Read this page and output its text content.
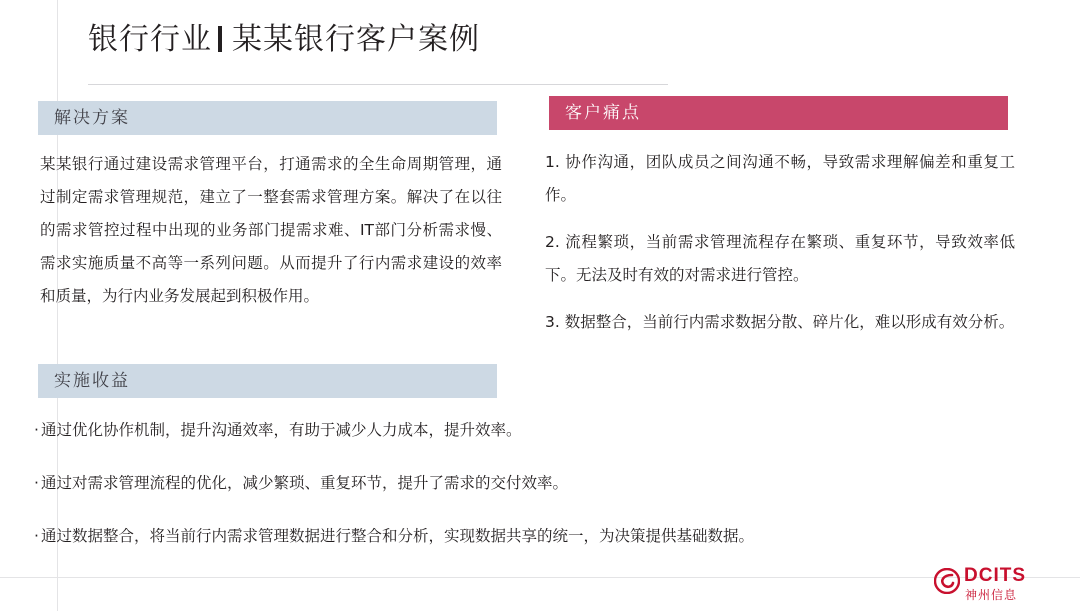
银行行业 某某银行客户案例
解决方案
某某银行通过建设需求管理平台，打通需求的全生命周期管理，通过制定需求管理规范，建立了一整套需求管理方案。解决了在以往的需求管控过程中出现的业务部门提需求难、IT部门分析需求慢、需求实施质量不高等一系列问题。从而提升了行内需求建设的效率和质量，为行内业务发展起到积极作用。
客户痛点

1. 协作沟通，团队成员之间沟通不畅，导致需求理解偏差和重复工作。

2. 流程繁琐，当前需求管理流程存在繁琐、重复环节，导致效率低下。无法及时有效的对需求进行管控。

3. 数据整合，当前行内需求数据分散、碎片化，难以形成有效分析。

实施收益

· 通过优化协作机制，提升沟通效率，有助于减少人力成本，提升效率。

· 通过对需求管理流程的优化，减少繁琐、重复环节，提升了需求的交付效率。

· 通过数据整合，将当前行内需求管理数据进行整合和分析，实现数据共享的统一，为决策提供基础数据。

DCITS
神州信息
